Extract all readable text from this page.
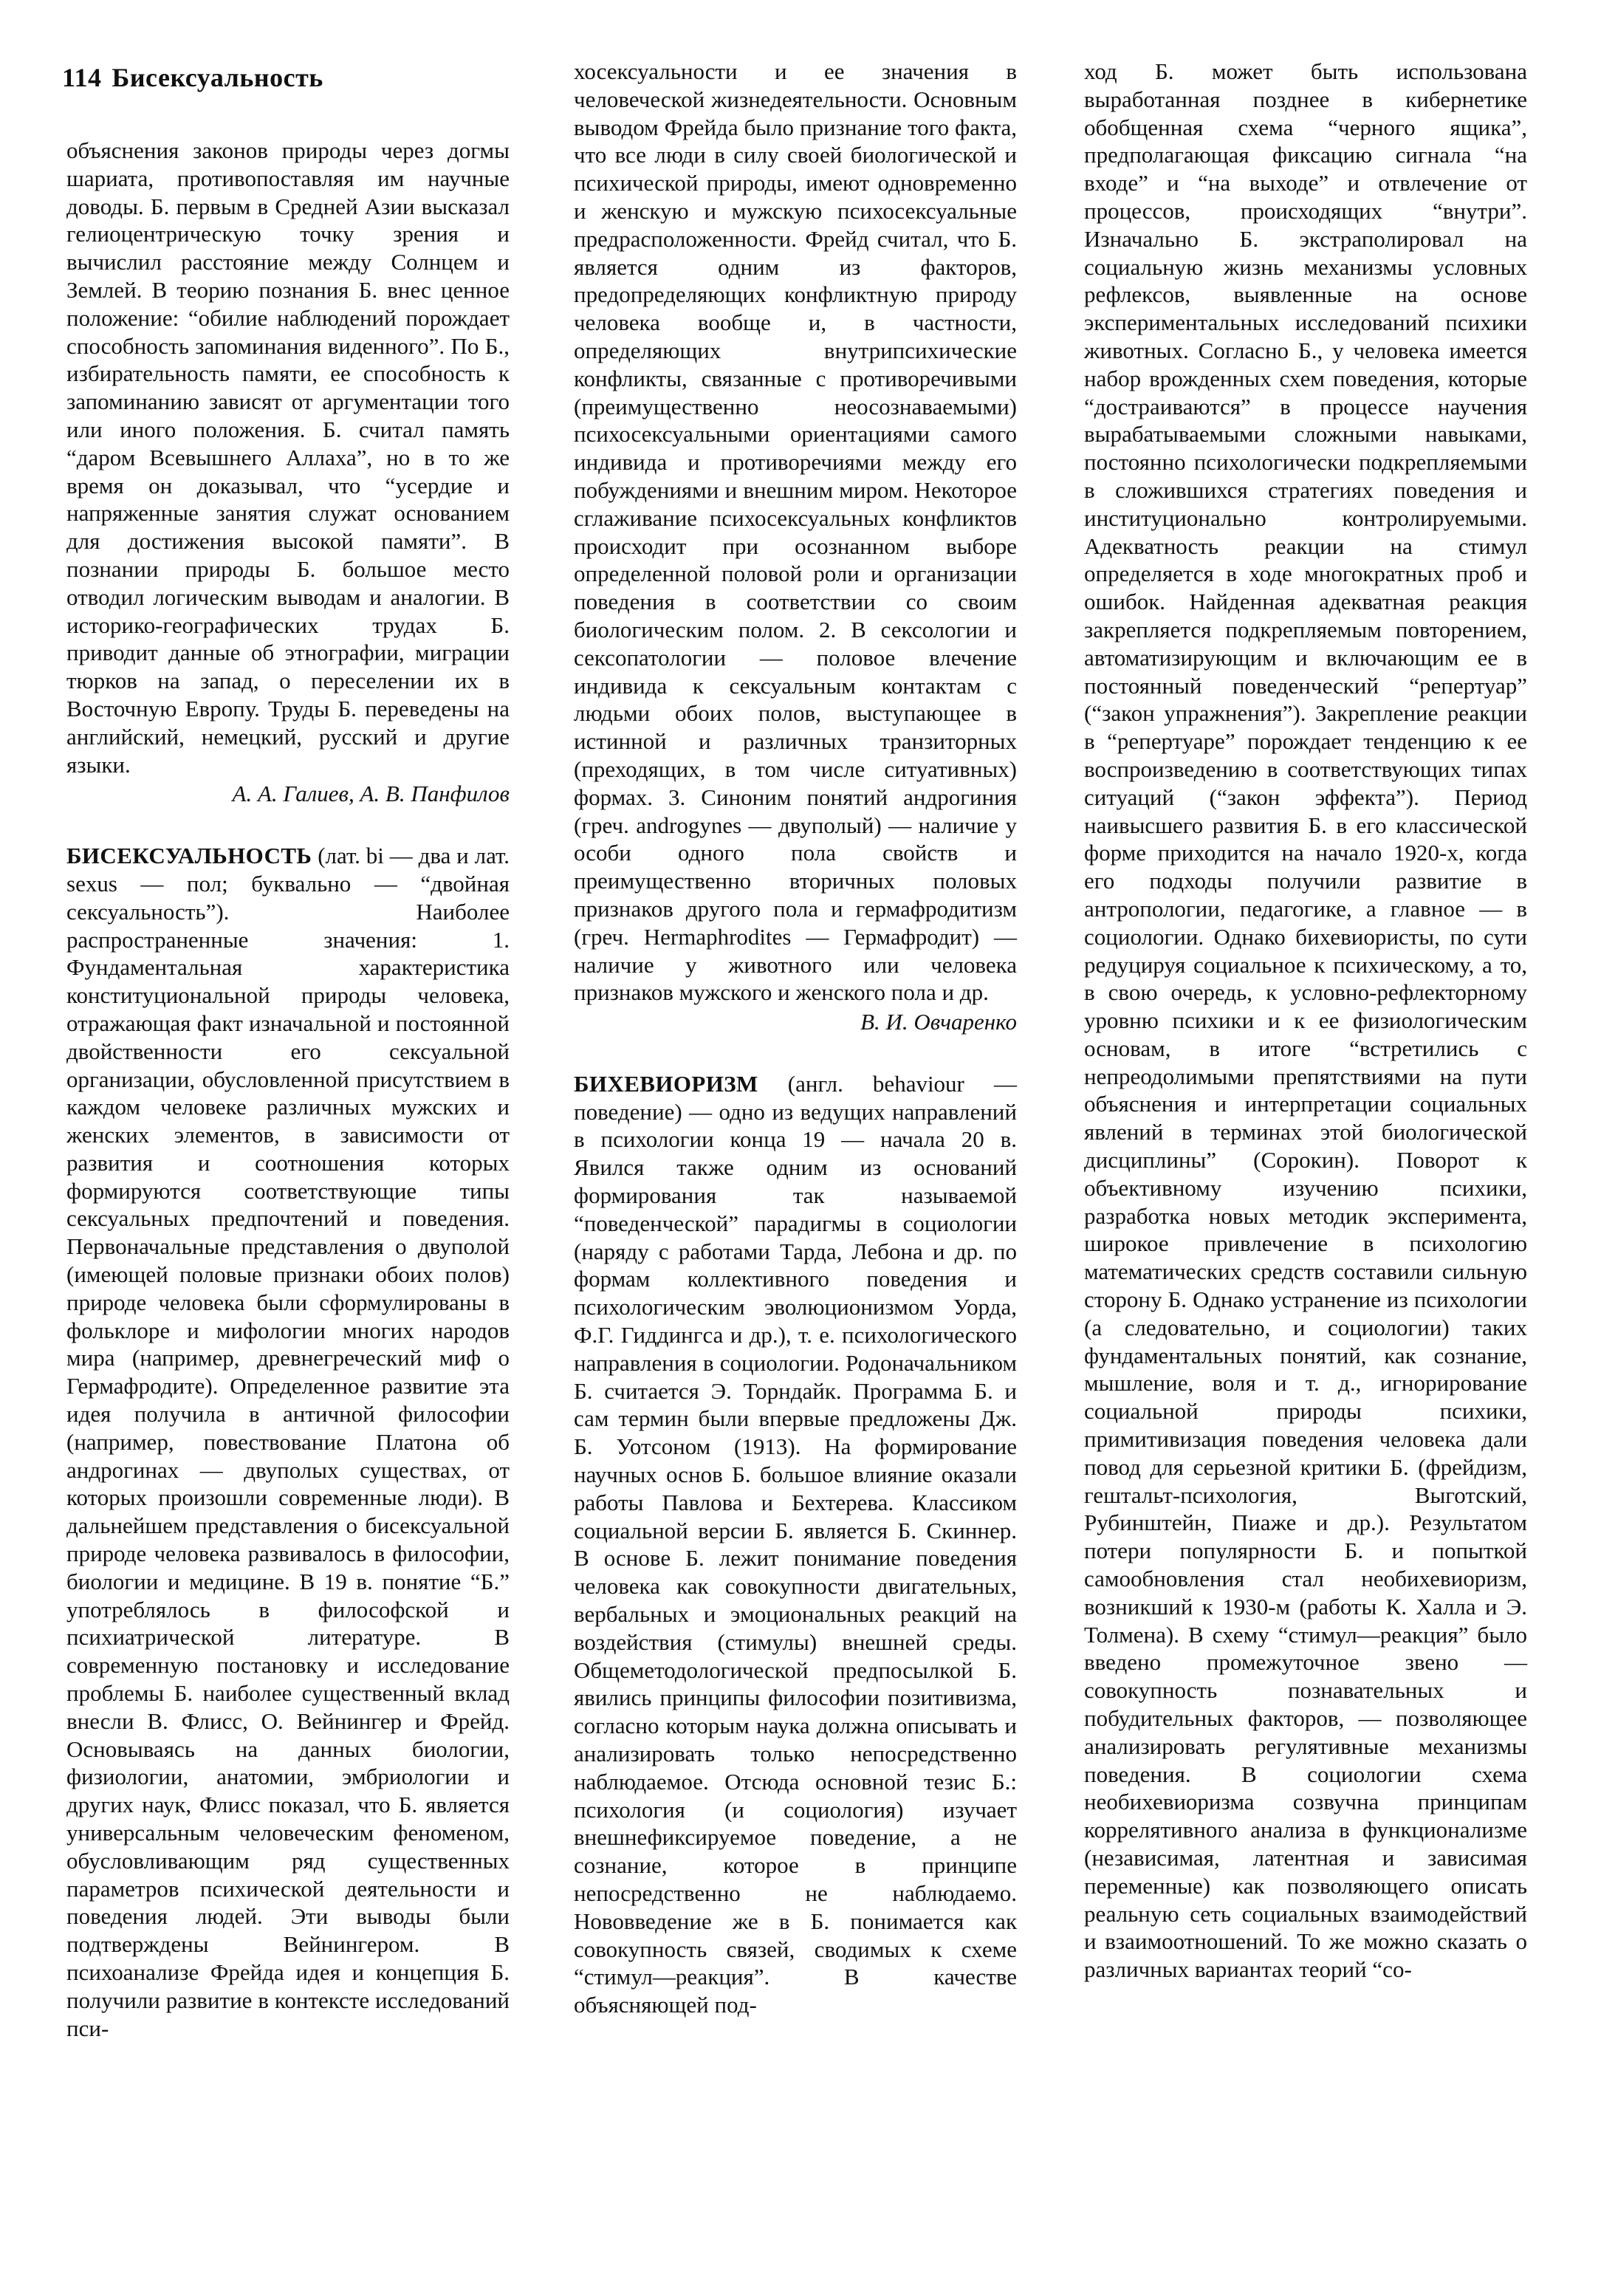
114 Бисексуальность

объяснения законов природы через догмы шариата, противопоставляя им научные доводы. Б. первым в Средней Азии высказал гелиоцентрическую точку зрения и вычислил расстояние между Солнцем и Землей. В теорию познания Б. внес ценное положение: “обилие наблюдений порождает способность запоминания виденного”. По Б., избирательность памяти, ее способность к запоминанию зависят от аргументации того или иного положения. Б. считал память “даром Всевышнего Аллаха”, но в то же время он доказывал, что “усердие и напряженные занятия служат основанием для достижения высокой памяти”. В познании природы Б. большое место отводил логическим выводам и аналогии. В историко-географических трудах Б. приводит данные об этнографии, миграции тюрков на запад, о переселении их в Восточную Европу. Труды Б. переведены на английский, немецкий, русский и другие языки.

А. А. Галиев, А. В. Панфилов

БИСЕКСУАЛЬНОСТЬ (лат. bi — два и лат. sexus — пол; буквально — “двойная сексуальность”). Наиболее распространенные значения: 1. Фундаментальная характеристика конституциональной природы человека, отражающая факт изначальной и постоянной двойственности его сексуальной организации, обусловленной присутствием в каждом человеке различных мужских и женских элементов, в зависимости от развития и соотношения которых формируются соответствующие типы сексуальных предпочтений и поведения. Первоначальные представления о двуполой (имеющей половые признаки обоих полов) природе человека были сформулированы в фольклоре и мифологии многих народов мира (например, древнегреческий миф о Гермафродите). Определенное развитие эта идея получила в античной философии (например, повествование Платона об андрогинах — двуполых существах, от которых произошли современные люди). В дальнейшем представления о бисексуальной природе человека развивалось в философии, биологии и медицине. В 19 в. понятие “Б.” употреблялось в философской и психиатрической литературе. В современную постановку и исследование проблемы Б. наиболее существенный вклад внесли В. Флисс, О. Вейнингер и Фрейд. Основываясь на данных биологии, физиологии, анатомии, эмбриологии и других наук, Флисс показал, что Б. является универсальным человеческим феноменом, обусловливающим ряд существенных параметров психической деятельности и поведения людей. Эти выводы были подтверждены Вейнингером. В психоанализе Фрейда идея и концепция Б. получили развитие в контексте исследований пси-

хосексуальности и ее значения в человеческой жизнедеятельности. Основным выводом Фрейда было признание того факта, что все люди в силу своей биологической и психической природы, имеют одновременно и женскую и мужскую психосексуальные предрасположенности. Фрейд считал, что Б. является одним из факторов, предопределяющих конфликтную природу человека вообще и, в частности, определяющих внутрипсихические конфликты, связанные с противоречивыми (преимущественно неосознаваемыми) психосексуальными ориентациями самого индивида и противоречиями между его побуждениями и внешним миром. Некоторое сглаживание психосексуальных конфликтов происходит при осознанном выборе определенной половой роли и организации поведения в соответствии со своим биологическим полом. 2. В сексологии и сексопатологии — половое влечение индивида к сексуальным контактам с людьми обоих полов, выступающее в истинной и различных транзиторных (преходящих, в том числе ситуативных) формах. 3. Синоним понятий андрогиния (греч. androgynes — двуполый) — наличие у особи одного пола свойств и преимущественно вторичных половых признаков другого пола и гермафродитизм (греч. Hermaphrodites — Гермафродит) — наличие у животного или человека признаков мужского и женского пола и др.

В. И. Овчаренко

БИХЕВИОРИЗМ (англ. behaviour — поведение) — одно из ведущих направлений в психологии конца 19 — начала 20 в. Явился также одним из оснований формирования так называемой “поведенческой” парадигмы в социологии (наряду с работами Тарда, Лебона и др. по формам коллективного поведения и психологическим эволюционизмом Уорда, Ф.Г. Гиддингса и др.), т. е. психологического направления в социологии. Родоначальником Б. считается Э. Торндайк. Программа Б. и сам термин были впервые предложены Дж. Б. Уотсоном (1913). На формирование научных основ Б. большое влияние оказали работы Павлова и Бехтерева. Классиком социальной версии Б. является Б. Скиннер. В основе Б. лежит понимание поведения человека как совокупности двигательных, вербальных и эмоциональных реакций на воздействия (стимулы) внешней среды. Общеметодологической предпосылкой Б. явились принципы философии позитивизма, согласно которым наука должна описывать и анализировать только непосредственно наблюдаемое. Отсюда основной тезис Б.: психология (и социология) изучает внешнефиксируемое поведение, а не сознание, которое в принципе непосредственно не наблюдаемо. Нововведение же в Б. понимается как совокупность связей, сводимых к схеме “стимул—реакция”. В качестве объясняющей под-

ход Б. может быть использована выработанная позднее в кибернетике обобщенная схема “черного ящика”, предполагающая фиксацию сигнала “на входе” и “на выходе” и отвлечение от процессов, происходящих “внутри”. Изначально Б. экстраполировал на социальную жизнь механизмы условных рефлексов, выявленные на основе экспериментальных исследований психики животных. Согласно Б., у человека имеется набор врожденных схем поведения, которые “достраиваются” в процессе научения вырабатываемыми сложными навыками, постоянно психологически подкрепляемыми в сложившихся стратегиях поведения и институционально контролируемыми. Адекватность реакции на стимул определяется в ходе многократных проб и ошибок. Найденная адекватная реакция закрепляется подкрепляемым повторением, автоматизирующим и включающим ее в постоянный поведенческий “репертуар” (“закон упражнения”). Закрепление реакции в “репертуаре” порождает тенденцию к ее воспроизведению в соответствующих типах ситуаций (“закон эффекта”). Период наивысшего развития Б. в его классической форме приходится на начало 1920-х, когда его подходы получили развитие в антропологии, педагогике, а главное — в социологии. Однако бихевиористы, по сути редуцируя социальное к психическому, а то, в свою очередь, к условно-рефлекторному уровню психики и к ее физиологическим основам, в итоге “встретились с непреодолимыми препятствиями на пути объяснения и интерпретации социальных явлений в терминах этой биологической дисциплины” (Сорокин). Поворот к объективному изучению психики, разработка новых методик эксперимента, широкое привлечение в психологию математических средств составили сильную сторону Б. Однако устранение из психологии (а следовательно, и социологии) таких фундаментальных понятий, как сознание, мышление, воля и т. д., игнорирование социальной природы психики, примитивизация поведения человека дали повод для серьезной критики Б. (фрейдизм, гештальт-психология, Выготский, Рубинштейн, Пиаже и др.). Результатом потери популярности Б. и попыткой самообновления стал необихевиоризм, возникший к 1930-м (работы К. Халла и Э. Толмена). В схему “стимул—реакция” было введено промежуточное звено — совокупность познавательных и побудительных факторов, — позволяющее анализировать регулятивные механизмы поведения. В социологии схема необихевиоризма созвучна принципам коррелятивного анализа в функционализме (независимая, латентная и зависимая переменные) как позволяющего описать реальную сеть социальных взаимодействий и взаимоотношений. То же можно сказать о различных вариантах теорий “со-
